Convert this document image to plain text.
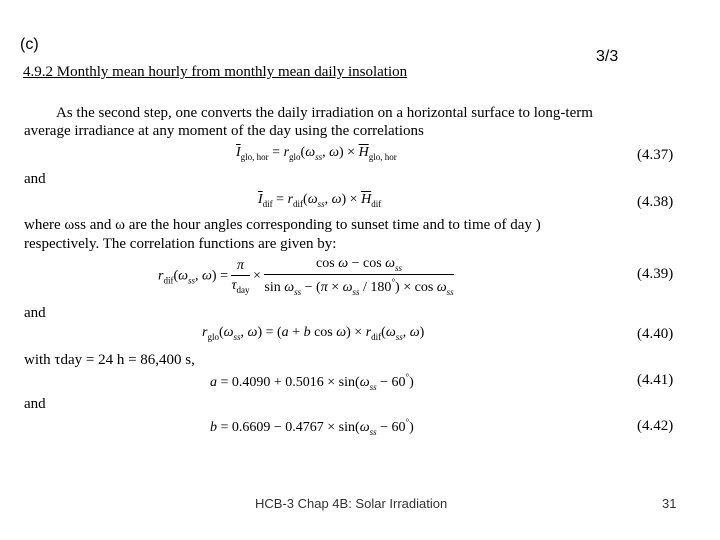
(c)
3/3
4.9.2 Monthly mean hourly from monthly mean daily insolation
As the second step, one converts the daily irradiation on a horizontal surface to long-term
average irradiance at any moment of the day using the correlations
$\overline{I}_{glo, hor} = r_{glo}(\omega_{ss}$, $\omega) \times \overline{H}_{glo, hor}$	(4.37)
and
$\overline{I}_{dif} = r_{dif}(\omega_{ss}$, $\omega) \times \overline{H}_{dif}$	(4.38)
where ωss and ω are the hour angles corresponding to sunset time and to time of day )
respectively. The correlation functions are given by:
$r_{dif}(\omega_{ss}$, $\omega) = \frac{\pi}{\tau_{day}} \times \frac{\cos \omega - \cos \omega_{ss}}{\sin \omega_{ss} - (\pi \times \omega_{ss} / 180^\circ) \times \cos \omega_{ss}}$	(4.39)
and
$r_{glo}(\omega_{ss}$, ω) = (a + b $\cos \omega) \times r_{dif}(\omega_{ss}$, ω)	(4.40)
with τday = 24 h = 86,400 s,
$a = 0.4090 + 0.5016 \times \sin(\omega_{ss} - 60^\circ)$	(4.41)
and
$b = 0.6609 - 0.4767 \times \sin(\omega_{ss} - 60^\circ)$	(4.42)
HCB-3 Chap 4B: Solar Irradiation	31
